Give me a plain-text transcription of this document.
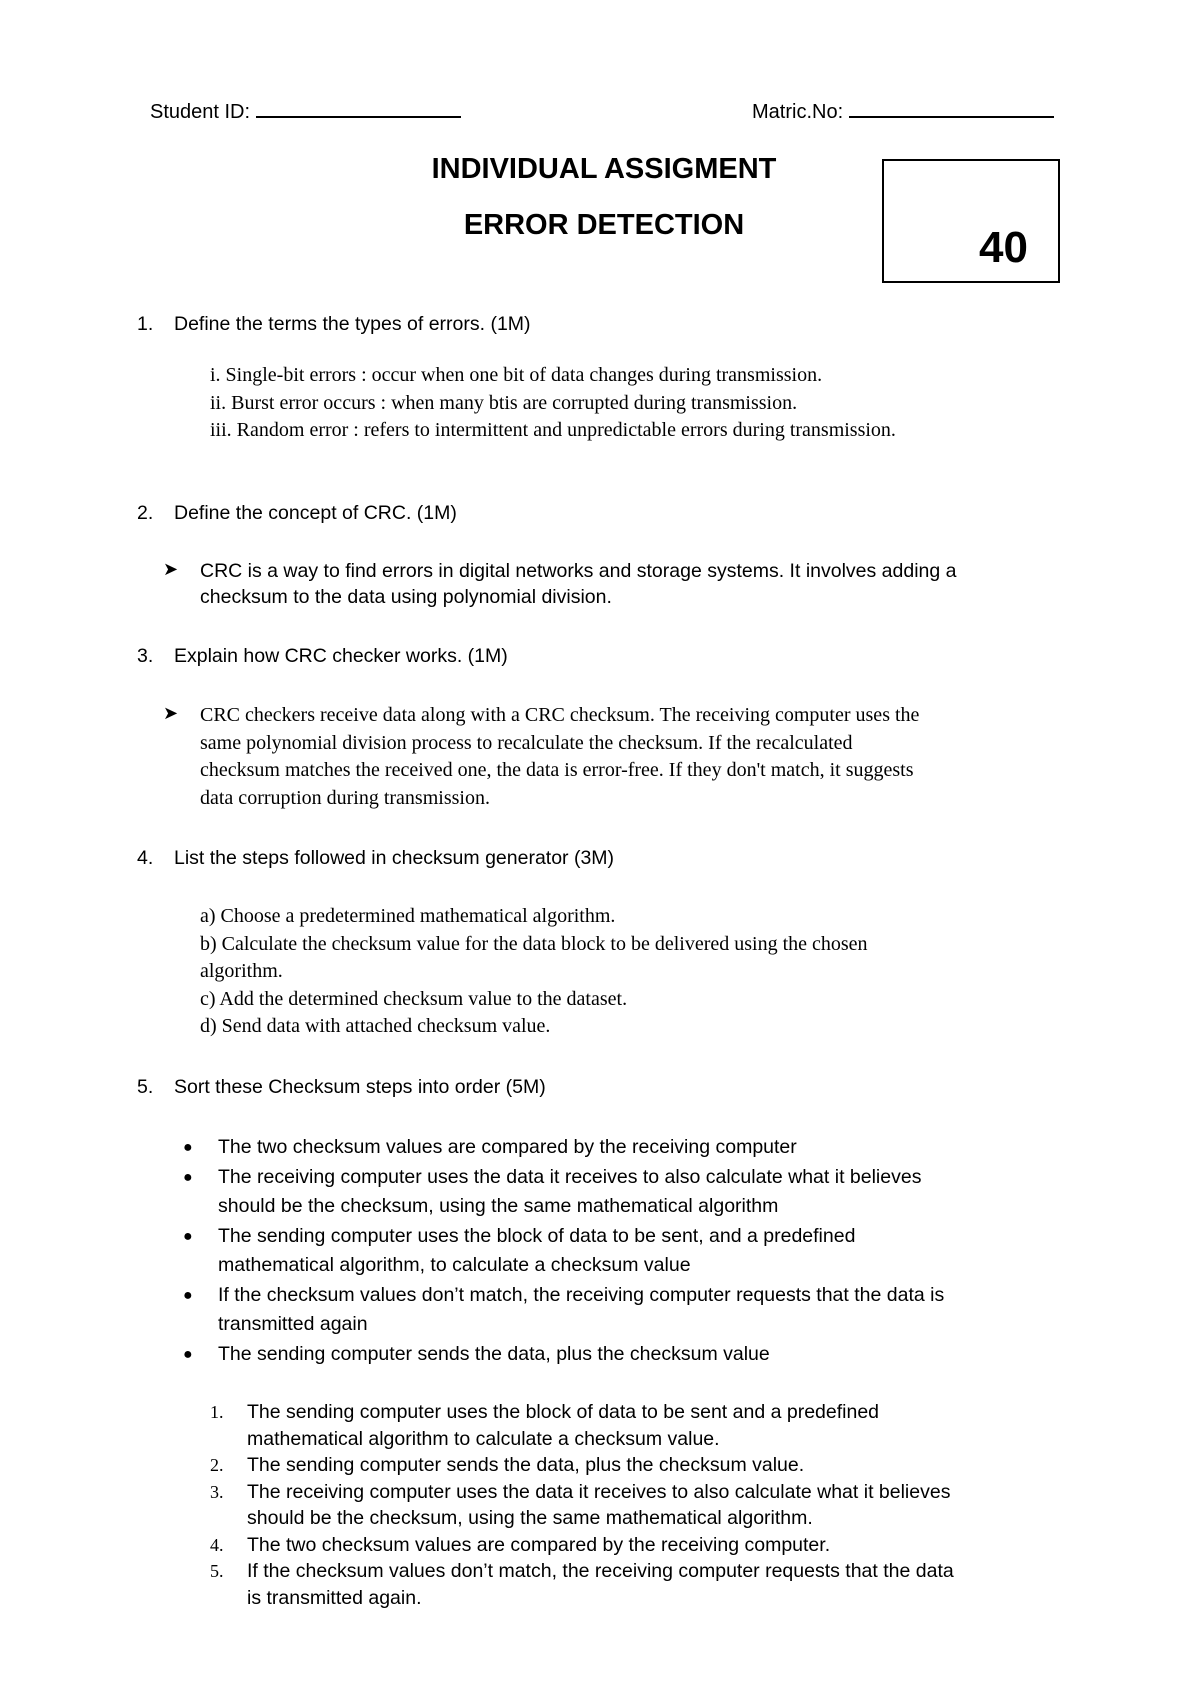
Student ID:	Matric.No:
INDIVIDUAL ASSIGMENT
ERROR DETECTION	40
1. Define the terms the types of errors. (1M)
i. Single-bit errors : occur when one bit of data changes during transmission.
ii. Burst error occurs : when many btis are corrupted during transmission.
iii. Random error : refers to intermittent and unpredictable errors during transmission.
2. Define the concept of CRC. (1M)
➤	CRC is a way to find errors in digital networks and storage systems. It involves adding a
checksum to the data using polynomial division.
3. Explain how CRC checker works. (1M)
➤	CRC checkers receive data along with a CRC checksum. The receiving computer uses the
same polynomial division process to recalculate the checksum. If the recalculated
checksum matches the received one, the data is error-free. If they don't match, it suggests
data corruption during transmission.
4. List the steps followed in checksum generator (3M)
a) Choose a predetermined mathematical algorithm.
b) Calculate the checksum value for the data block to be delivered using the chosen
algorithm.
c) Add the determined checksum value to the dataset.
d) Send data with attached checksum value.
5. Sort these Checksum steps into order (5M)
●	The two checksum values are compared by the receiving computer
●	The receiving computer uses the data it receives to also calculate what it believes
should be the checksum, using the same mathematical algorithm
●	The sending computer uses the block of data to be sent, and a predefined
mathematical algorithm, to calculate a checksum value
●	If the checksum values don’t match, the receiving computer requests that the data is
transmitted again
●	The sending computer sends the data, plus the checksum value
1.	The sending computer uses the block of data to be sent and a predefined
mathematical algorithm to calculate a checksum value.
2.	The sending computer sends the data, plus the checksum value.
3.	The receiving computer uses the data it receives to also calculate what it believes
should be the checksum, using the same mathematical algorithm.
4.	The two checksum values are compared by the receiving computer.
5.	If the checksum values don’t match, the receiving computer requests that the data
is transmitted again.
